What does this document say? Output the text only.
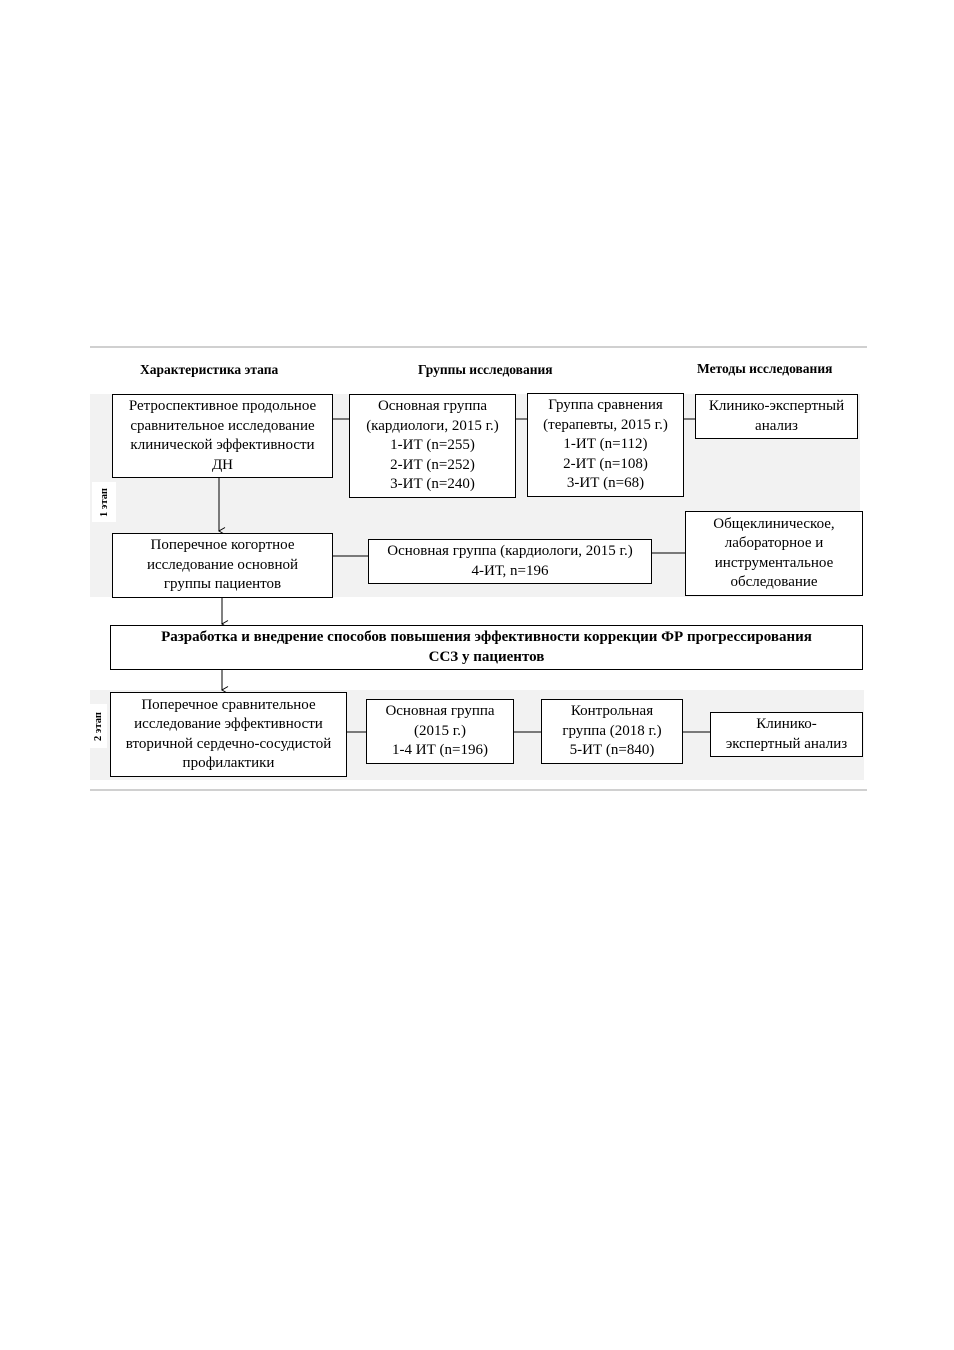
Характеристика этапа	Группы исследования	Методы исследования
1 этап
2 этап
Ретроспективное продольное
сравнительное исследование
клинической эффективности
ДН
Основная группа
(кардиологи, 2015 г.)
1-ИТ (n=255)
2-ИТ (n=252)
3-ИТ (n=240)
Группа сравнения
(терапевты, 2015 г.)
1-ИТ (n=112)
2-ИТ (n=108)
3-ИТ (n=68)
Клинико-экспертный
анализ
Поперечное когортное
исследование основной
группы пациентов
Основная группа (кардиологи, 2015 г.)
4-ИТ, n=196
Общеклиническое,
лабораторное и
инструментальное
обследование
Разработка и внедрение способов повышения эффективности коррекции ФР прогрессирования
ССЗ у пациентов
Поперечное сравнительное
исследование эффективности
вторичной сердечно-сосудистой
профилактики
Основная группа
(2015 г.)
1-4 ИТ (n=196)
Контрольная
группа (2018 г.)
5-ИТ (n=840)
Клинико-
экспертный анализ
